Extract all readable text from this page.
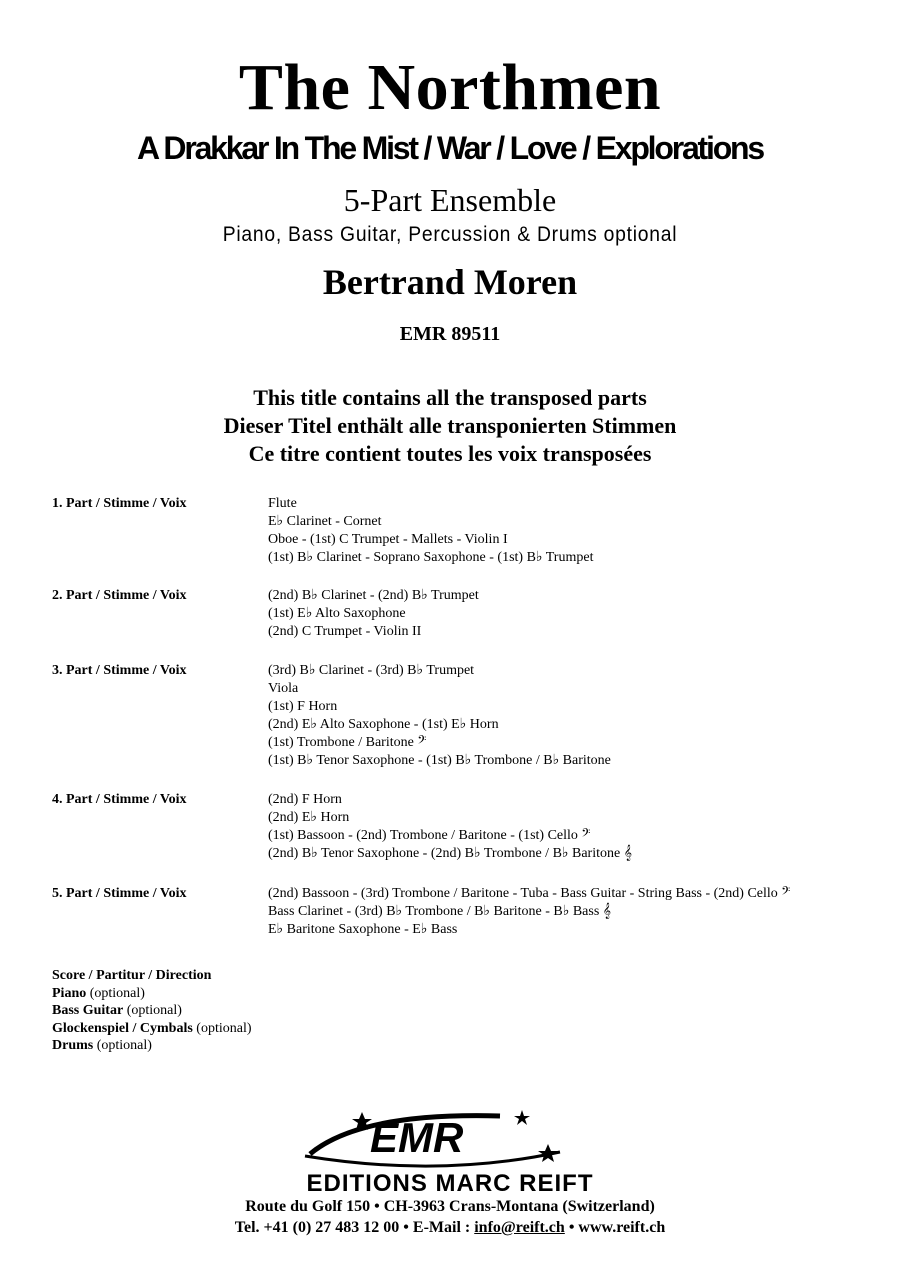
The Northmen
A Drakkar In The Mist / War / Love / Explorations
5-Part Ensemble
Piano, Bass Guitar, Percussion & Drums optional
Bertrand Moren
EMR 89511
This title contains all the transposed parts
Dieser Titel enthält alle transponierten Stimmen
Ce titre contient toutes les voix transposées
1. Part / Stimme / Voix	Flute
E♭ Clarinet - Cornet
Oboe - (1st) C Trumpet - Mallets - Violin I
(1st) B♭ Clarinet - Soprano Saxophone - (1st) B♭ Trumpet
2. Part / Stimme / Voix	(2nd) B♭ Clarinet - (2nd) B♭ Trumpet
(1st) E♭ Alto Saxophone
(2nd) C Trumpet - Violin II
3. Part / Stimme / Voix	(3rd) B♭ Clarinet - (3rd) B♭ Trumpet
Viola
(1st) F Horn
(2nd) E♭ Alto Saxophone - (1st) E♭ Horn
(1st) Trombone / Baritone 𝄢
(1st) B♭ Tenor Saxophone - (1st) B♭ Trombone / B♭ Baritone
4. Part / Stimme / Voix	(2nd) F Horn
(2nd) E♭ Horn
(1st) Bassoon - (2nd) Trombone / Baritone - (1st) Cello 𝄢
(2nd) B♭ Tenor Saxophone - (2nd) B♭ Trombone / B♭ Baritone 𝄞
5. Part / Stimme / Voix	(2nd) Bassoon - (3rd) Trombone / Baritone - Tuba - Bass Guitar - String Bass - (2nd) Cello 𝄢
Bass Clarinet - (3rd) B♭ Trombone / B♭ Baritone - B♭ Bass 𝄞
E♭ Baritone Saxophone - E♭ Bass
Score / Partitur / Direction
Piano (optional)
Bass Guitar (optional)
Glockenspiel / Cymbals (optional)
Drums (optional)
EMR
EDITIONS MARC REIFT
Route du Golf 150 • CH-3963 Crans-Montana (Switzerland)
Tel. +41 (0) 27 483 12 00 • E-Mail : info@reift.ch • www.reift.ch
